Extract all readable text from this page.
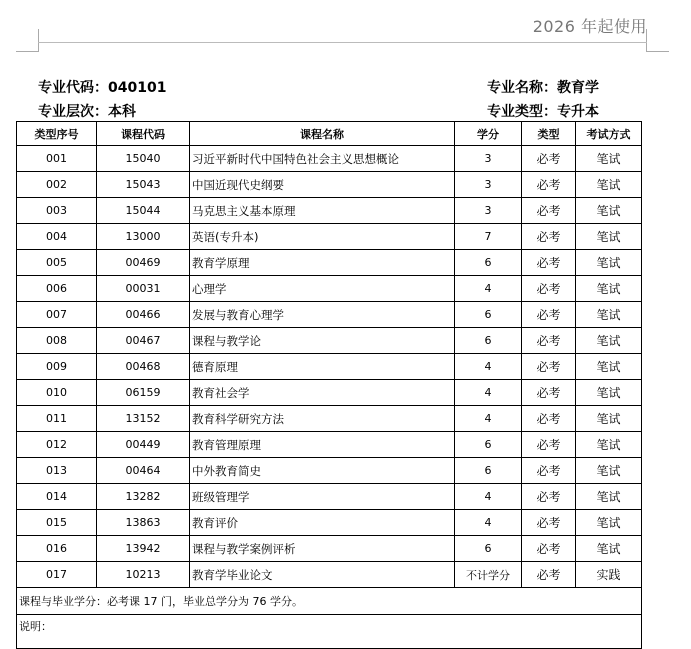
2026 年起使用
专业代码 ： 040101
专业层次 ： 本科
专业名称 ： 教育学
专业类型 ： 专升本
类型序号	课程代码	课程名称	学分	类型	考试方式
001	15040	习近平新时代中国特色社会主义思想概论	3	必考	笔试
002	15043	中国近现代史纲要	3	必考	笔试
003	15044	马克思主义基本原理	3	必考	笔试
004	13000	英语(专升本)	7	必考	笔试
005	00469	教育学原理	6	必考	笔试
006	00031	心理学	4	必考	笔试
007	00466	发展与教育心理学	6	必考	笔试
008	00467	课程与教学论	6	必考	笔试
009	00468	德育原理	4	必考	笔试
010	06159	教育社会学	4	必考	笔试
011	13152	教育科学研究方法	4	必考	笔试
012	00449	教育管理原理	6	必考	笔试
013	00464	中外教育简史	6	必考	笔试
014	13282	班级管理学	4	必考	笔试
015	13863	教育评价	4	必考	笔试
016	13942	课程与教学案例评析	6	必考	笔试
017	10213	教育学毕业论文	不计学分	必考	实践
课程与毕业学分：必考课 17 门，毕业总学分为 76 学分。					
说明：					
